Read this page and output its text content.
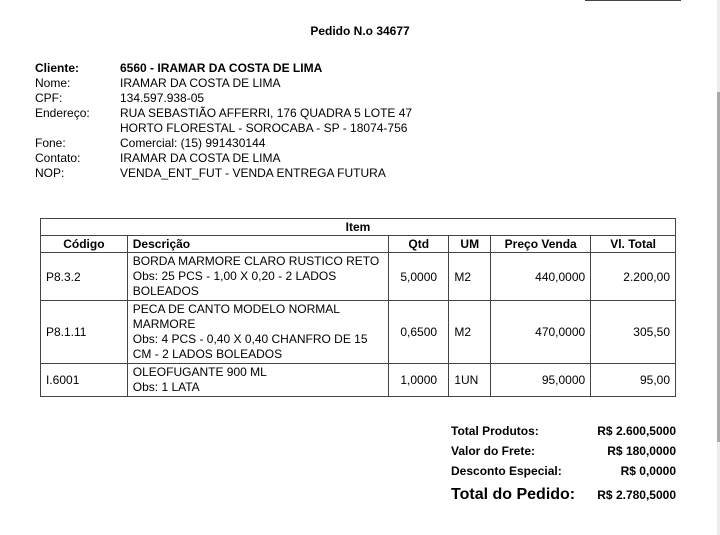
Pedido N.o 34677
Cliente:	6560 - IRAMAR DA COSTA DE LIMA
Nome:	IRAMAR DA COSTA DE LIMA
CPF:	134.597.938-05
Endereço:	RUA SEBASTIÃO AFFERRI, 176 QUADRA 5 LOTE 47
HORTO FLORESTAL - SOROCABA - SP - 18074-756
Fone:	Comercial: (15) 991430144
Contato:	IRAMAR DA COSTA DE LIMA
NOP:	VENDA_ENT_FUT - VENDA ENTREGA FUTURA
Item					
Código	Descrição	Qtd	UM	Preço Venda	Vl. Total
P8.3.2	BORDA MARMORE CLARO RUSTICO RETO
Obs: 25 PCS - 1,00 X 0,20 - 2 LADOS
BOLEADOS	5,0000	M2	440,0000	2.200,00
P8.1.11	PECA DE CANTO MODELO NORMAL
MARMORE
Obs: 4 PCS - 0,40 X 0,40 CHANFRO DE 15
CM - 2 LADOS BOLEADOS	0,6500	M2	470,0000	305,50
I.6001	OLEOFUGANTE 900 ML
Obs: 1 LATA	1,0000	1UN	95,0000	95,00
Total Produtos:	R$ 2.600,5000
Valor do Frete:	R$ 180,0000
Desconto Especial:	R$ 0,0000
Total do Pedido: R$ 2.780,5000
